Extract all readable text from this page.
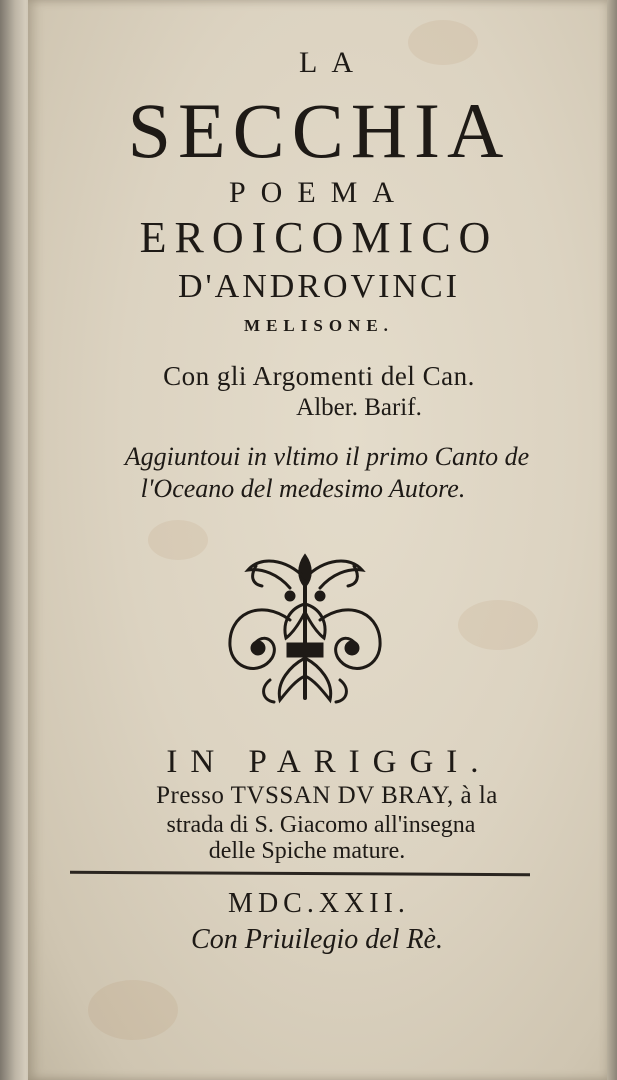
LA

SECCHIA

POEMA

EROICOMICO

D'ANDROVINCI

MELISONE.

Con gli Argomenti del Can.

Alber. Barif.

Aggiuntoui in vltimo il primo Canto de

l'Oceano del medesimo Autore.

IN PARIGGI.

Presso TVSSAN DV BRAY, à la

strada di S. Giacomo all'insegna

delle Spiche mature.

MDC.XXII.

Con Priuilegio del Rè.
